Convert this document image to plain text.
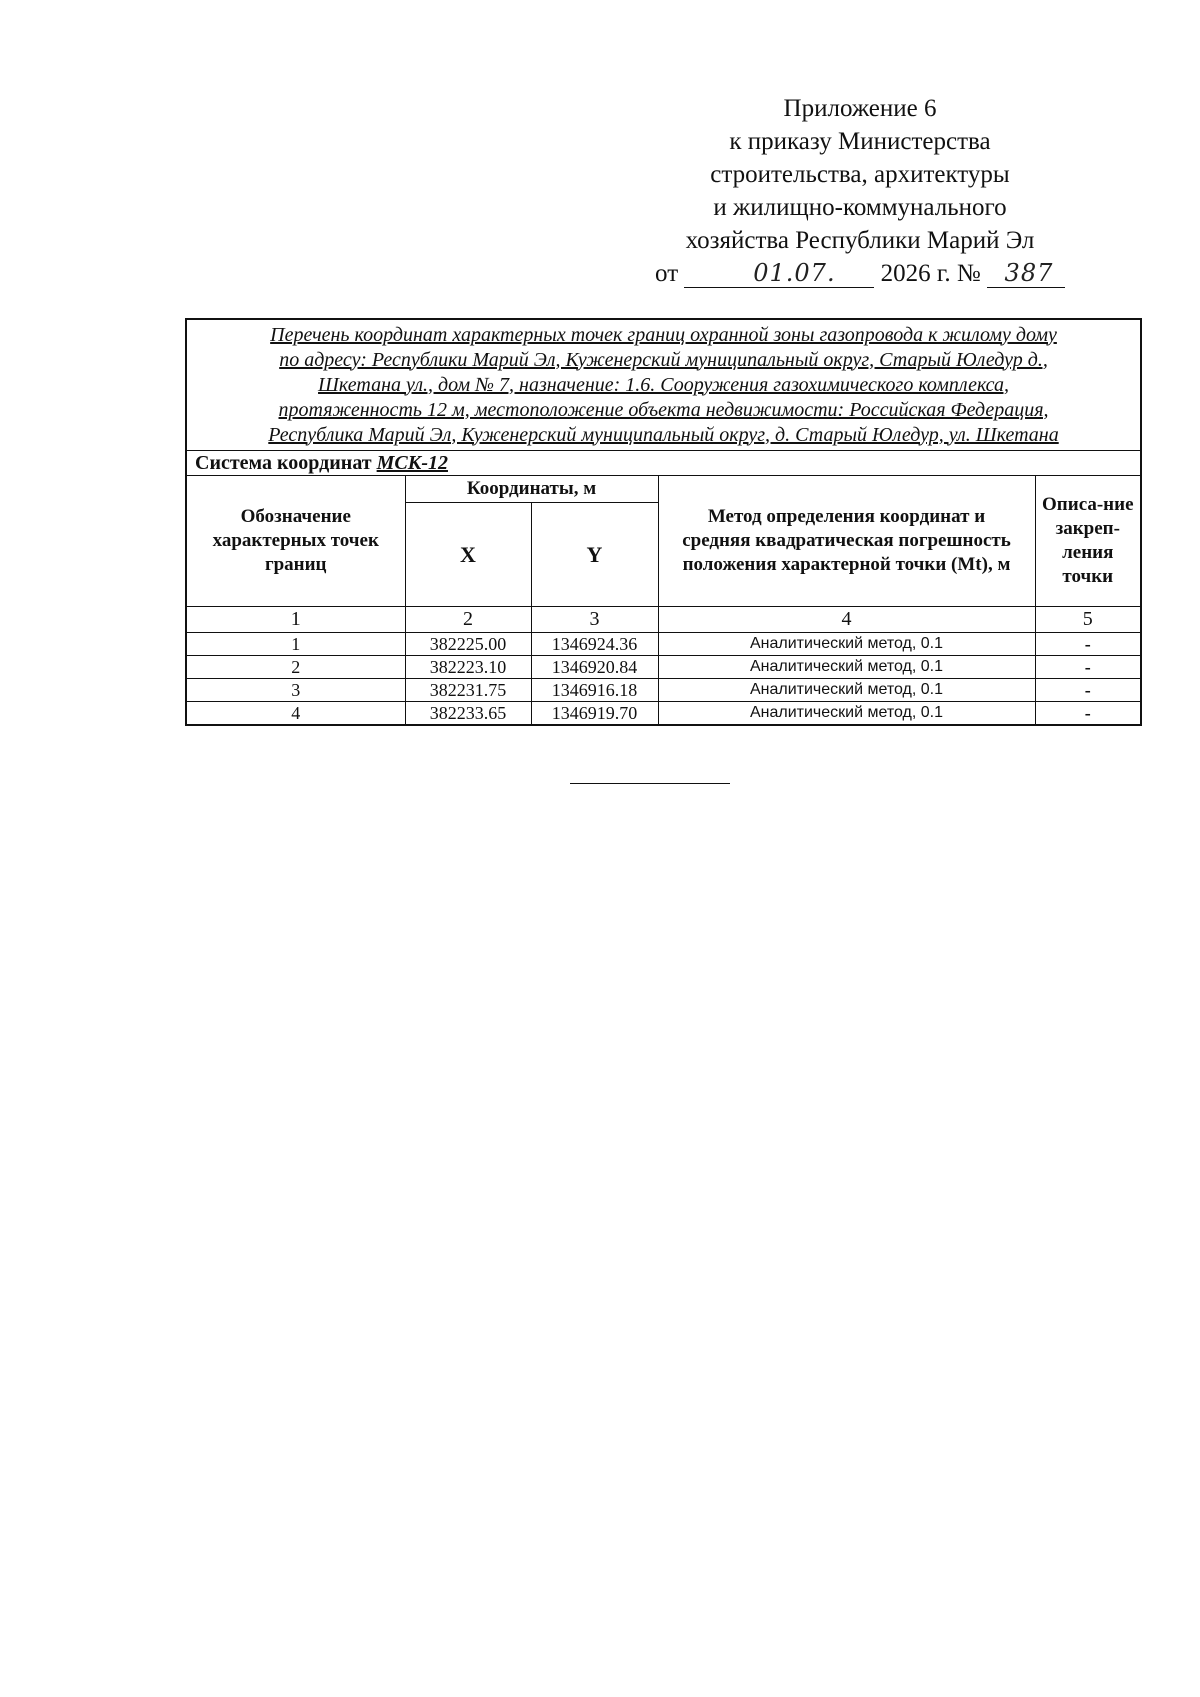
Приложение 6
к приказу Министерства
строительства, архитектуры
и жилищно-коммунального
хозяйства Республики Марий Эл
от	01.07. 2026 г. № 387
Перечень координат характерных точек границ охранной зоны газопровода к жилому дому
по адресу: Республики Марий Эл, Куженерский муниципальный округ, Старый Юледур д.,
Шкетана ул., дом № 7, назначение: 1.6. Сооружения газохимического комплекса,
протяженность 12 м, местоположение объекта недвижимости: Российская Федерация,
Республика Марий Эл, Куженерский муниципальный округ, д. Старый Юледур, ул. Шкетана				

Система координат МСК-12				
Обозначение характерных точек границ	Координаты, м		Метод определения координат и средняя квадратическая погрешность положения характерной точки (Mt), м	Описа-ние закреп-ления точки
	X	Y		
1	2	3	4	5
1	382225.00	1346924.36	Аналитический метод, 0.1	-
2	382223.10	1346920.84	Аналитический метод, 0.1	-
3	382231.75	1346916.18	Аналитический метод, 0.1	-
4	382233.65	1346919.70	Аналитический метод, 0.1	-
